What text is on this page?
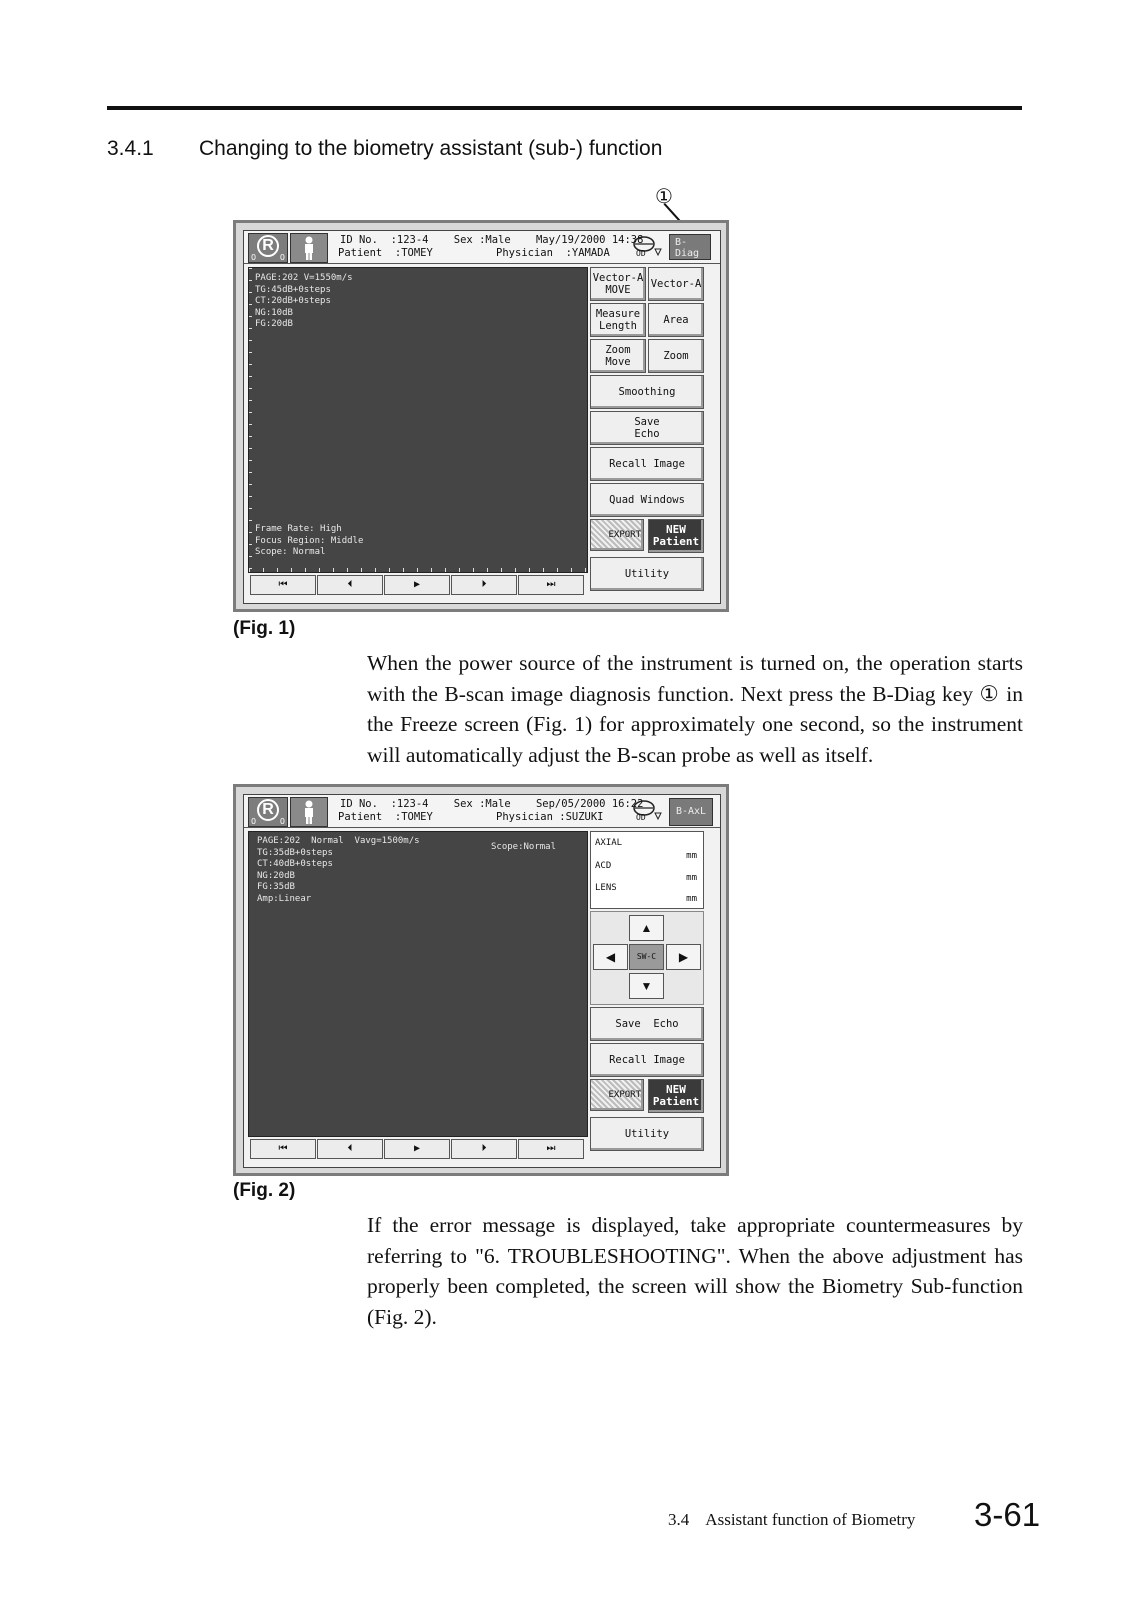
3.4.1 Changing to the biometry assistant (sub-) function
①
R
0	0
ID No.  :123-4    Sex :Male    May/19/2000 14:38
Patient  :TOMEY          Physician  :YAMADA	OD
B-
Diag
PAGE:202 V=1550m/s
TG:45dB+0steps
CT:20dB+0steps
NG:10dB
FG:20dB
Frame Rate: High
Focus Region: Middle
Scope: Normal
⏮	⏴	▶	⏵	⏭
Vector-A
MOVE	Vector-A
Measure
Length	Area
Zoom
Move	Zoom
Smoothing
Save
Echo
Recall Image
Quad Windows
EXPORT	NEW
Patient
Utility
(Fig. 1)
When the power source of the instrument is turned on, the operation starts with the B-scan image diagnosis function. Next press the B-Diag key ① in the Freeze screen (Fig. 1) for approximately one second, so the instrument will automatically adjust the B-scan probe as well as itself.
R
0	0
ID No.  :123-4    Sex :Male    Sep/05/2000 16:22
Patient  :TOMEY          Physician :SUZUKI	OD
B-AxL
PAGE:202  Normal  Vavg=1500m/s
TG:35dB+0steps
CT:40dB+0steps
NG:20dB
FG:35dB
Amp:Linear
Scope:Normal
⏮	⏴	▶	⏵	⏭
AXIAL
mm
ACD
mm
LENS
mm
▲
◀	SW-C	▶
▼
Save  Echo
Recall Image
EXPORT	NEW
Patient
Utility
(Fig. 2)
If the error message is displayed, take appropriate countermeasures by referring to "6. TROUBLESHOOTING". When the above adjustment has properly been completed, the screen will show the Biometry Sub-function (Fig. 2).
3.4    Assistant function of Biometry 3-61
